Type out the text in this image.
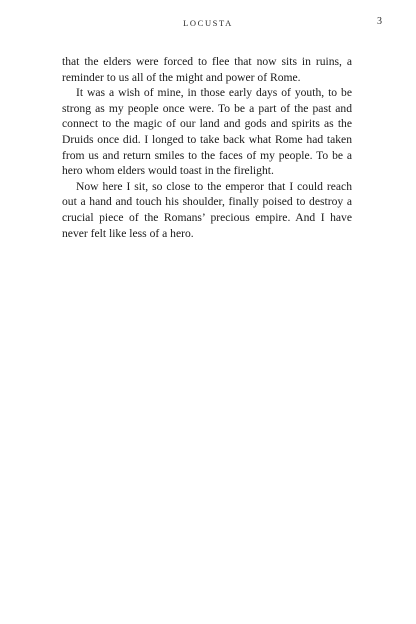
LOCUSTA	3

that the elders were forced to flee that now sits in ruins, a reminder to us all of the might and power of Rome.

It was a wish of mine, in those early days of youth, to be strong as my people once were. To be a part of the past and connect to the magic of our land and gods and spirits as the Druids once did. I longed to take back what Rome had taken from us and return smiles to the faces of my people. To be a hero whom elders would toast in the firelight.

Now here I sit, so close to the emperor that I could reach out a hand and touch his shoulder, finally poised to destroy a crucial piece of the Romans’ precious empire. And I have never felt like less of a hero.
